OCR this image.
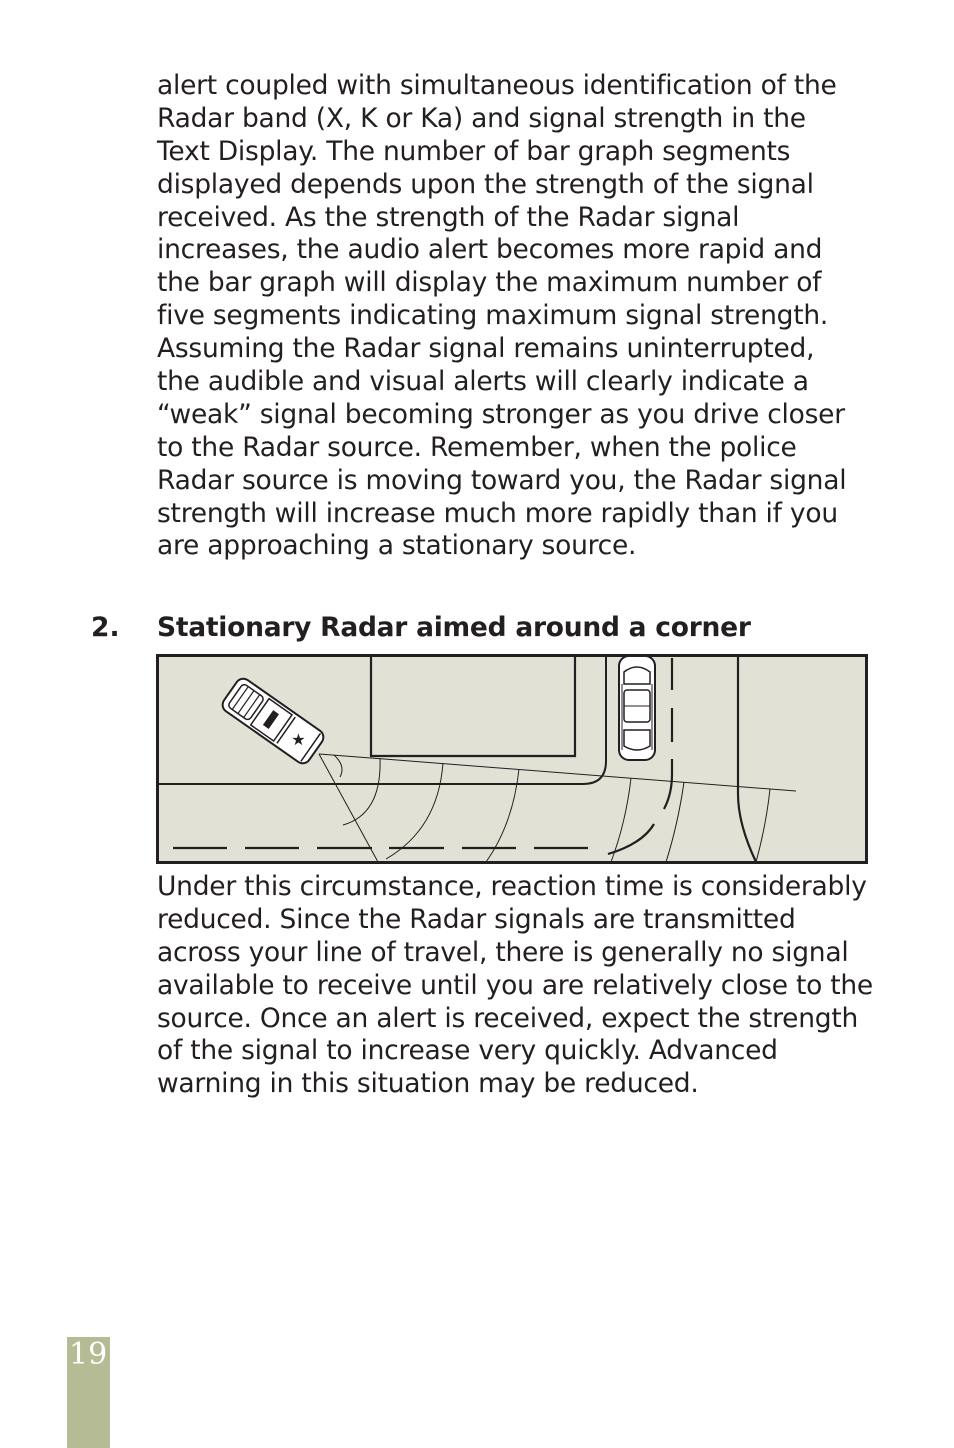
alert coupled with simultaneous identification of the
Radar band (X, K or Ka) and signal strength in the
Text Display. The number of bar graph segments
displayed depends upon the strength of the signal
received. As the strength of the Radar signal
increases, the audio alert becomes more rapid and
the bar graph will display the maximum number of
five segments indicating maximum signal strength.
Assuming the Radar signal remains uninterrupted,
the audible and visual alerts will clearly indicate a
“weak” signal becoming stronger as you drive closer
to the Radar source. Remember, when the police
Radar source is moving toward you, the Radar signal
strength will increase much more rapidly than if you
are approaching a stationary source.
2. Stationary Radar aimed around a corner
★
Under this circumstance, reaction time is considerably
reduced. Since the Radar signals are transmitted
across your line of travel, there is generally no signal
available to receive until you are relatively close to the
source. Once an alert is received, expect the strength
of the signal to increase very quickly. Advanced
warning in this situation may be reduced.
19
